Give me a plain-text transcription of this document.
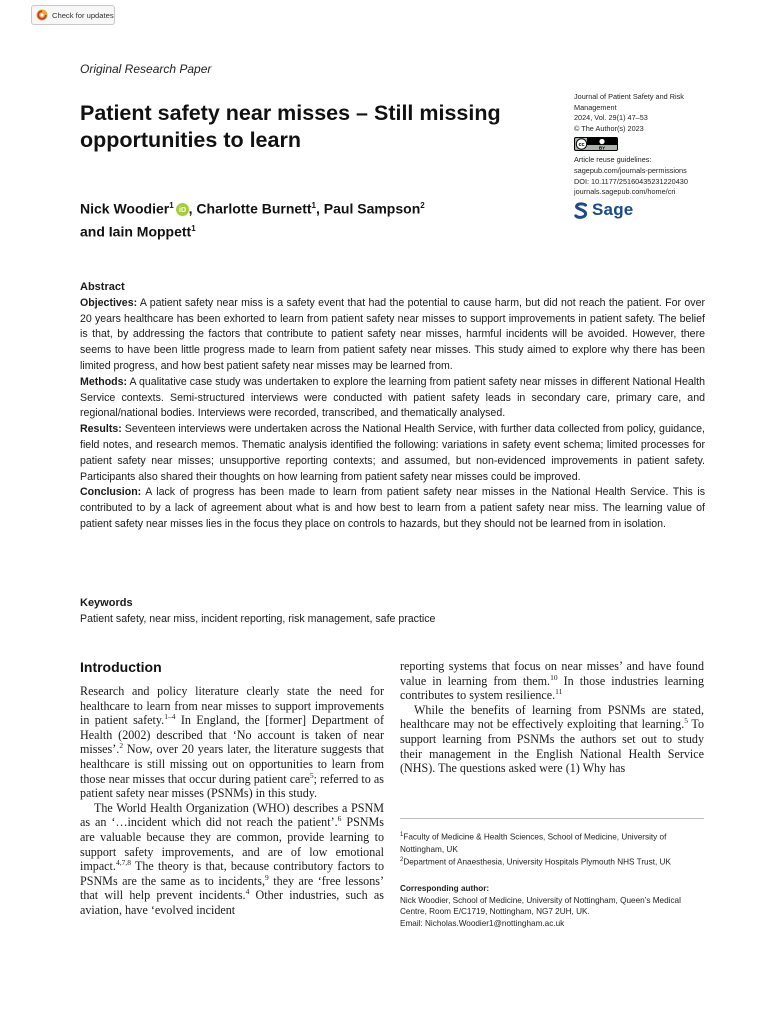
Check for updates
Original Research Paper
Patient safety near misses – Still missing opportunities to learn
Journal of Patient Safety and Risk Management
2024, Vol. 29(1) 47–53
© The Author(s) 2023
cc	BY
Article reuse guidelines:
sagepub.com/journals-permissions
DOI: 10.1177/25160435231220430
journals.sagepub.com/home/cri
Sage
Nick Woodier$^1$
iD , Charlotte Burnett$^1$, Paul Sampson$^2$
and Iain Moppett$^1$
Abstract

Objectives: A patient safety near miss is a safety event that had the potential to cause harm, but did not reach the patient. For over 20 years healthcare has been exhorted to learn from patient safety near misses to support improvements in patient safety. The belief is that, by addressing the factors that contribute to patient safety near misses, harmful incidents will be avoided. However, there seems to have been little progress made to learn from patient safety near misses. This study aimed to explore why there has been limited progress, and how best patient safety near misses may be learned from.

Methods: A qualitative case study was undertaken to explore the learning from patient safety near misses in different National Health Service contexts. Semi-structured interviews were conducted with patient safety leads in secondary care, primary care, and regional/national bodies. Interviews were recorded, transcribed, and thematically analysed.

Results: Seventeen interviews were undertaken across the National Health Service, with further data collected from policy, guidance, field notes, and research memos. Thematic analysis identified the following: variations in safety event schema; limited processes for patient safety near misses; unsupportive reporting contexts; and assumed, but non-evidenced improvements in patient safety. Participants also shared their thoughts on how learning from patient safety near misses could be improved.

Conclusion: A lack of progress has been made to learn from patient safety near misses in the National Health Service. This is contributed to by a lack of agreement about what is and how best to learn from a patient safety near miss. The learning value of patient safety near misses lies in the focus they place on controls to hazards, but they should not be learned from in isolation.

Keywords
Patient safety, near miss, incident reporting, risk management, safe practice
Introduction

Research and policy literature clearly state the need for healthcare to learn from near misses to support improvements in patient safety.$^{1-4}$ In England, the [former] Department of Health (2002) described that ‘No account is taken of near misses’.$^2$ Now, over 20 years later, the literature suggests that healthcare is still missing out on opportunities to learn from those near misses that occur during patient care$^5$; referred to as patient safety near misses (PSNMs) in this study.

The World Health Organization (WHO) describes a PSNM as an ‘…incident which did not reach the patient’.$^6$ PSNMs are valuable because they are common, provide learning to support safety improvements, and are of low emotional impact.$^{4,7,8}$ The theory is that, because contributory factors to PSNMs are the same as to incidents,$^9$ they are ‘free lessons’ that will help prevent incidents.$^4$ Other industries, such as aviation, have ‘evolved incident

reporting systems that focus on near misses’ and have found value in learning from them.$^{10}$ In those industries learning contributes to system resilience.$^{11}$

While the benefits of learning from PSNMs are stated, healthcare may not be effectively exploiting that learning.$^5$ To support learning from PSNMs the authors set out to study their management in the English National Health Service (NHS). The questions asked were (1) Why has

$^1$Faculty of Medicine & Health Sciences, School of Medicine, University of Nottingham, UK
$^2$Department of Anaesthesia, University Hospitals Plymouth NHS Trust, UK
Corresponding author:
Nick Woodier, School of Medicine, University of Nottingham, Queen’s Medical Centre, Room E/C1719, Nottingham, NG7 2UH, UK.
Email: Nicholas.Woodier1@nottingham.ac.uk
